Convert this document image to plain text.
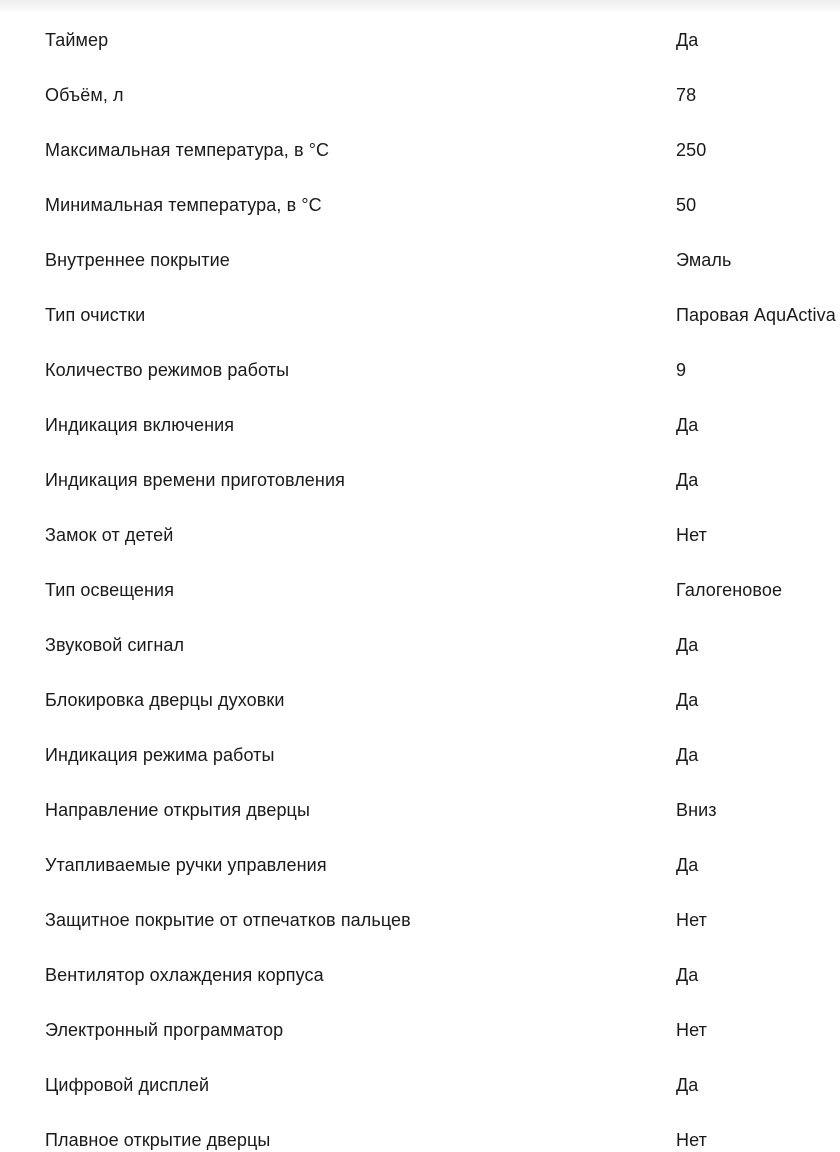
Таймер	Да
Объём, л	78
Максимальная температура, в °C	250
Минимальная температура, в °C	50
Внутреннее покрытие	Эмаль
Тип очистки	Паровая AquActiva
Количество режимов работы	9
Индикация включения	Да
Индикация времени приготовления	Да
Замок от детей	Нет
Тип освещения	Галогеновое
Звуковой сигнал	Да
Блокировка дверцы духовки	Да
Индикация режима работы	Да
Направление открытия дверцы	Вниз
Утапливаемые ручки управления	Да
Защитное покрытие от отпечатков пальцев	Нет
Вентилятор охлаждения корпуса	Да
Электронный программатор	Нет
Цифровой дисплей	Да
Плавное открытие дверцы	Нет
